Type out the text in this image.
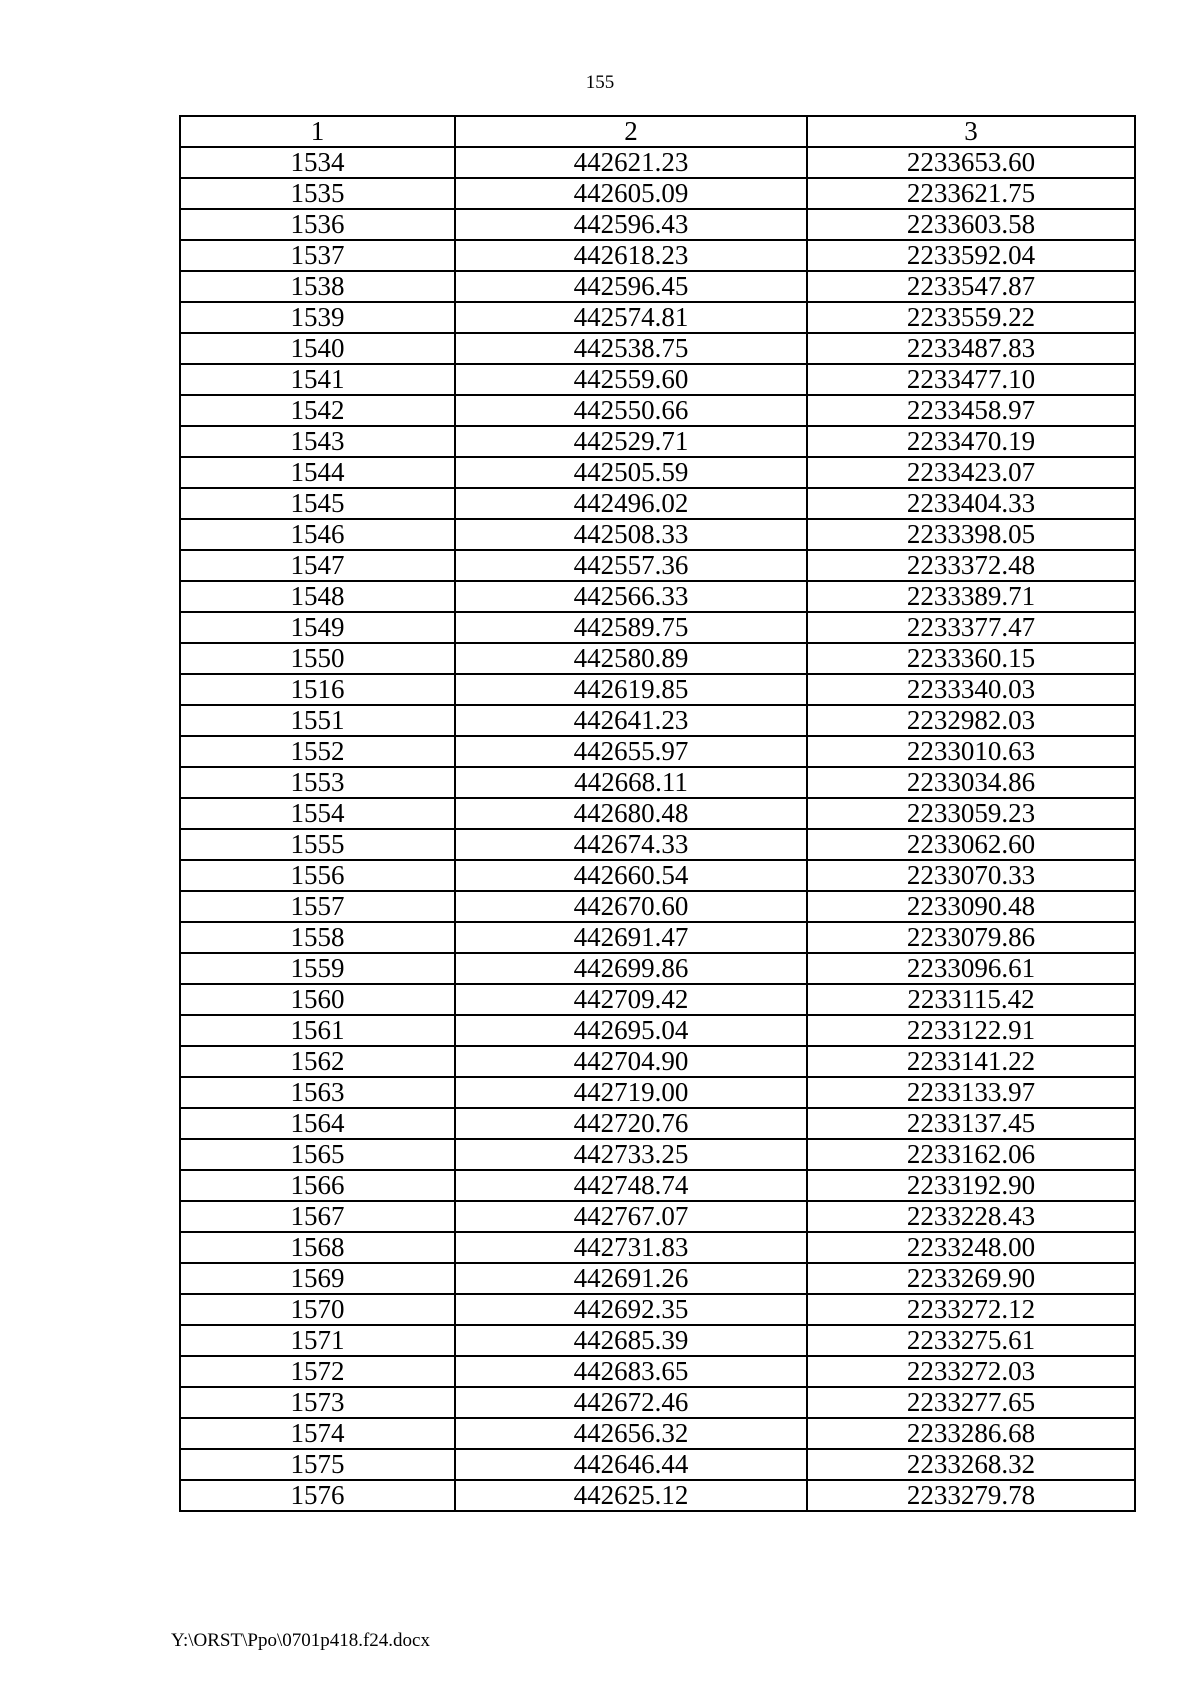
155
1	2	3
1534	442621.23	2233653.60
1535	442605.09	2233621.75
1536	442596.43	2233603.58
1537	442618.23	2233592.04
1538	442596.45	2233547.87
1539	442574.81	2233559.22
1540	442538.75	2233487.83
1541	442559.60	2233477.10
1542	442550.66	2233458.97
1543	442529.71	2233470.19
1544	442505.59	2233423.07
1545	442496.02	2233404.33
1546	442508.33	2233398.05
1547	442557.36	2233372.48
1548	442566.33	2233389.71
1549	442589.75	2233377.47
1550	442580.89	2233360.15
1516	442619.85	2233340.03
1551	442641.23	2232982.03
1552	442655.97	2233010.63
1553	442668.11	2233034.86
1554	442680.48	2233059.23
1555	442674.33	2233062.60
1556	442660.54	2233070.33
1557	442670.60	2233090.48
1558	442691.47	2233079.86
1559	442699.86	2233096.61
1560	442709.42	2233115.42
1561	442695.04	2233122.91
1562	442704.90	2233141.22
1563	442719.00	2233133.97
1564	442720.76	2233137.45
1565	442733.25	2233162.06
1566	442748.74	2233192.90
1567	442767.07	2233228.43
1568	442731.83	2233248.00
1569	442691.26	2233269.90
1570	442692.35	2233272.12
1571	442685.39	2233275.61
1572	442683.65	2233272.03
1573	442672.46	2233277.65
1574	442656.32	2233286.68
1575	442646.44	2233268.32
1576	442625.12	2233279.78
Y:\ORST\Ppo\0701p418.f24.docx
